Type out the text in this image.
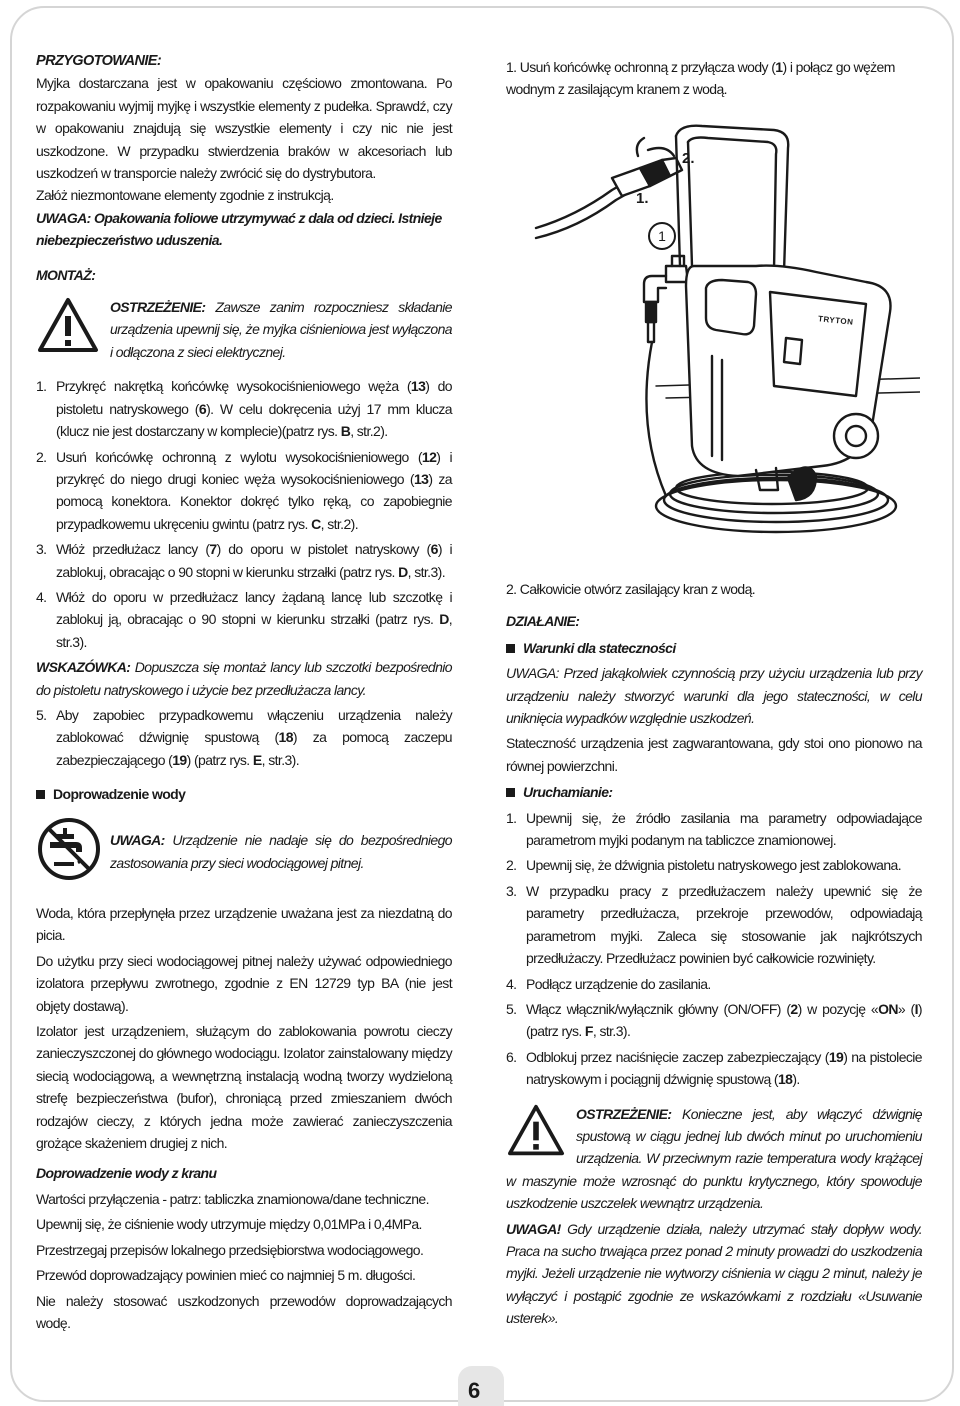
PRZYGOTOWANIE:

Myjka dostarczana jest w opakowaniu częściowo zmontowana. Po rozpakowaniu wyjmij myjkę i wszystkie elementy z pudełka. Sprawdź, czy w opakowaniu znajdują się wszystkie elementy i czy nic nie jest uszkodzone. W przypadku stwierdzenia braków w akcesoriach lub uszkodzeń w transporcie należy zwrócić się do dystrybutora.

Załóż niezmontowane elementy zgodnie z instrukcją.

UWAGA: Opakowania foliowe utrzymywać z dala od dzieci. Istnieje niebezpieczeństwo uduszenia.

MONTAŻ:

OSTRZEŻENIE: Zawsze zanim rozpoczniesz składanie urządzenia upewnij się, że myjka ciśnieniowa jest wyłączona i odłączona z sieci elektrycznej.
1. Przykręć nakrętką końcówkę wysokociśnieniowego węża (13) do pistoletu natryskowego (6). W celu dokręcenia użyj 17 mm klucza (klucz nie jest dostarczany w komplecie)(patrz rys. B, str.2).
2. Usuń końcówkę ochronną z wylotu wysokociśnieniowego (12) i przykręć do niego drugi koniec węża wysokociśnieniowego (13) za pomocą konektora. Konektor dokręć tylko ręką, co zapobiegnie przypadkowemu ukręceniu gwintu (patrz rys. C, str.2).
3. Włóż przedłużacz lancy (7) do oporu w pistolet natryskowy (6) i zablokuj, obracając o 90 stopni w kierunku strzałki (patrz rys. D, str.3).
4. Włóż do oporu w przedłużacz lancy żądaną lancę lub szczotkę i zablokuj ją, obracając o 90 stopni w kierunku strzałki (patrz rys. D, str.3).

WSKAZÓWKA: Dopuszcza się montaż lancy lub szczotki bezpośrednio do pistoletu natryskowego i użycie bez przedłużacza lancy.

5. Aby zapobiec przypadkowemu włączeniu urządzenia należy zablokować dźwignię spustową (18) za pomocą zaczepu zabezpieczającego (19) (patrz rys. E, str.3).
Doprowadzenie wody
UWAGA: Urządzenie nie nadaje się do bezpośredniego zastosowania przy sieci wodociągowej pitnej.

Woda, która przepłynęła przez urządzenie uważana jest za niezdatną do picia.

Do użytku przy sieci wodociągowej pitnej należy używać odpowiedniego izolatora przepływu zwrotnego, zgodnie z EN 12729 typ BA (nie jest objęty dostawą).

Izolator jest urządzeniem, służącym do zablokowania powrotu cieczy zanieczyszczonej do głównego wodociągu. Izolator zainstalowany między siecią wodociągową, a wewnętrzną instalacją wodną tworzy wydzieloną strefę bezpieczeństwa (bufor), chroniącą przed zmieszaniem dwóch rodzajów cieczy, z których jedna może zawierać zanieczyszczenia grożące skażeniem drugiej z nich.

Doprowadzenie wody z kranu

Wartości przyłączenia - patrz: tabliczka znamionowa/dane techniczne.

Upewnij się, że ciśnienie wody utrzymuje między 0,01MPa i 0,4MPa.

Przestrzegaj przepisów lokalnego przedsiębiorstwa wodociągowego.

Przewód doprowadzający powinien mieć co najmniej 5 m. długości.

Nie należy stosować uszkodzonych przewodów doprowadzających wodę.

1. Usuń końcówkę ochronną z przyłącza wody (1) i połącz go wężem wodnym z zasilającym kranem z wodą.

2.
1.
1
TRYTON

2. Całkowicie otwórz zasilający kran z wodą.

DZIAŁANIE:

Warunki dla stateczności

UWAGA: Przed jakąkolwiek czynnością przy użyciu urządzenia lub przy urządzeniu należy stworzyć warunki dla jego stateczności, w celu uniknięcia wypadków względnie uszkodzeń.

Stateczność urządzenia jest zagwarantowana, gdy stoi ono pionowo na równej powierzchni.

Uruchamianie:
1. Upewnij się, że źródło zasilania ma parametry odpowiadające parametrom myjki podanym na tabliczce znamionowej.
2. Upewnij się, że dźwignia pistoletu natryskowego jest zablokowana.
3. W przypadku pracy z przedłużaczem należy upewnić się że parametry przedłużacza, przekroje przewodów, odpowiadają parametrom myjki. Zaleca się stosowanie jak najkrótszych przedłużaczy. Przedłużacz powinien być całkowicie rozwinięty.
4. Podłącz urządzenie do zasilania.
5. Włącz włącznik/wyłącznik główny (ON/OFF) (2) w pozycję «ON» (I)(patrz rys. F, str.3).
6. Odblokuj przez naciśnięcie zaczep zabezpieczający (19) na pistolecie natryskowym i pociągnij dźwignię spustową (18).

OSTRZEŻENIE: Konieczne jest, aby włączyć dźwignię spustową w ciągu jednej lub dwóch minut po uruchomieniu urządzenia. W przeciwnym razie temperatura wody krążącej w maszynie może wzrosnąć do punktu krytycznego, który spowoduje uszkodzenie uszczelek wewnątrz urządzenia.

UWAGA! Gdy urządzenie działa, należy utrzymać stały dopływ wody. Praca na sucho trwająca przez ponad 2 minuty prowadzi do uszkodzenia myjki. Jeżeli urządzenie nie wytworzy ciśnienia w ciągu 2 minut, należy je wyłączyć i postąpić zgodnie ze wskazówkami z rozdziału «Usuwanie usterek».

6
